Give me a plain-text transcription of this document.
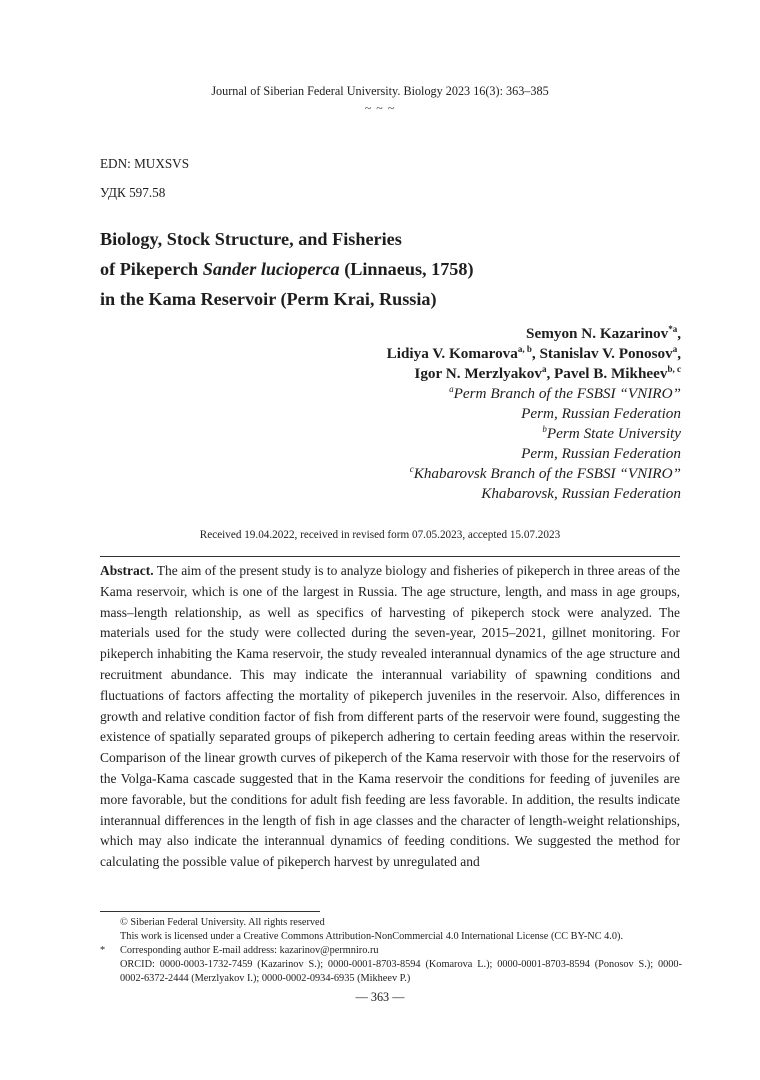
Journal of Siberian Federal University. Biology 2023 16(3): 363–385
~ ~ ~
EDN: MUXSVS
УДК 597.58
Biology, Stock Structure, and Fisheries
of Pikeperch Sander lucioperca (Linnaeus, 1758)
in the Kama Reservoir (Perm Krai, Russia)
Semyon N. Kazarinov$^{*a}$,
Lidiya V. Komarova$^{a, b}$, Stanislav V. Ponosov$^a$,
Igor N. Merzlyakov$^a$, Pavel B. Mikheev$^{b, c}$
$^a$Perm Branch of the FSBSI “VNIRO”
Perm, Russian Federation
$^b$Perm State University
Perm, Russian Federation
$^c$Khabarovsk Branch of the FSBSI “VNIRO”
Khabarovsk, Russian Federation
Received 19.04.2022, received in revised form 07.05.2023, accepted 15.07.2023
Abstract. The aim of the present study is to analyze biology and fisheries of pikeperch in three areas of the Kama reservoir, which is one of the largest in Russia. The age structure, length, and mass in age groups, mass–length relationship, as well as specifics of harvesting of pikeperch stock were analyzed. The materials used for the study were collected during the seven-year, 2015–2021, gillnet monitoring. For pikeperch inhabiting the Kama reservoir, the study revealed interannual dynamics of the age structure and recruitment abundance. This may indicate the interannual variability of spawning conditions and fluctuations of factors affecting the mortality of pikeperch juveniles in the reservoir. Also, differences in growth and relative condition factor of fish from different parts of the reservoir were found, suggesting the existence of spatially separated groups of pikeperch adhering to certain feeding areas within the reservoir. Comparison of the linear growth curves of pikeperch of the Kama reservoir with those for the reservoirs of the Volga-Kama cascade suggested that in the Kama reservoir the conditions for feeding of juveniles are more favorable, but the conditions for adult fish feeding are less favorable. In addition, the results indicate interannual differences in the length of fish in age classes and the character of length-weight relationships, which may also indicate the interannual dynamics of feeding conditions. We suggested the method for calculating the possible value of pikeperch harvest by unregulated and
© Siberian Federal University. All rights reserved
This work is licensed under a Creative Commons Attribution-NonCommercial 4.0 International License (CC BY-NC 4.0).
* Corresponding author E-mail address: kazarinov@permniro.ru
ORCID: 0000-0003-1732-7459 (Kazarinov S.); 0000-0001-8703-8594 (Komarova L.); 0000-0001-8703-8594 (Ponosov S.); 0000-0002-6372-2444 (Merzlyakov I.); 0000-0002-0934-6935 (Mikheev P.)
— 363 —
